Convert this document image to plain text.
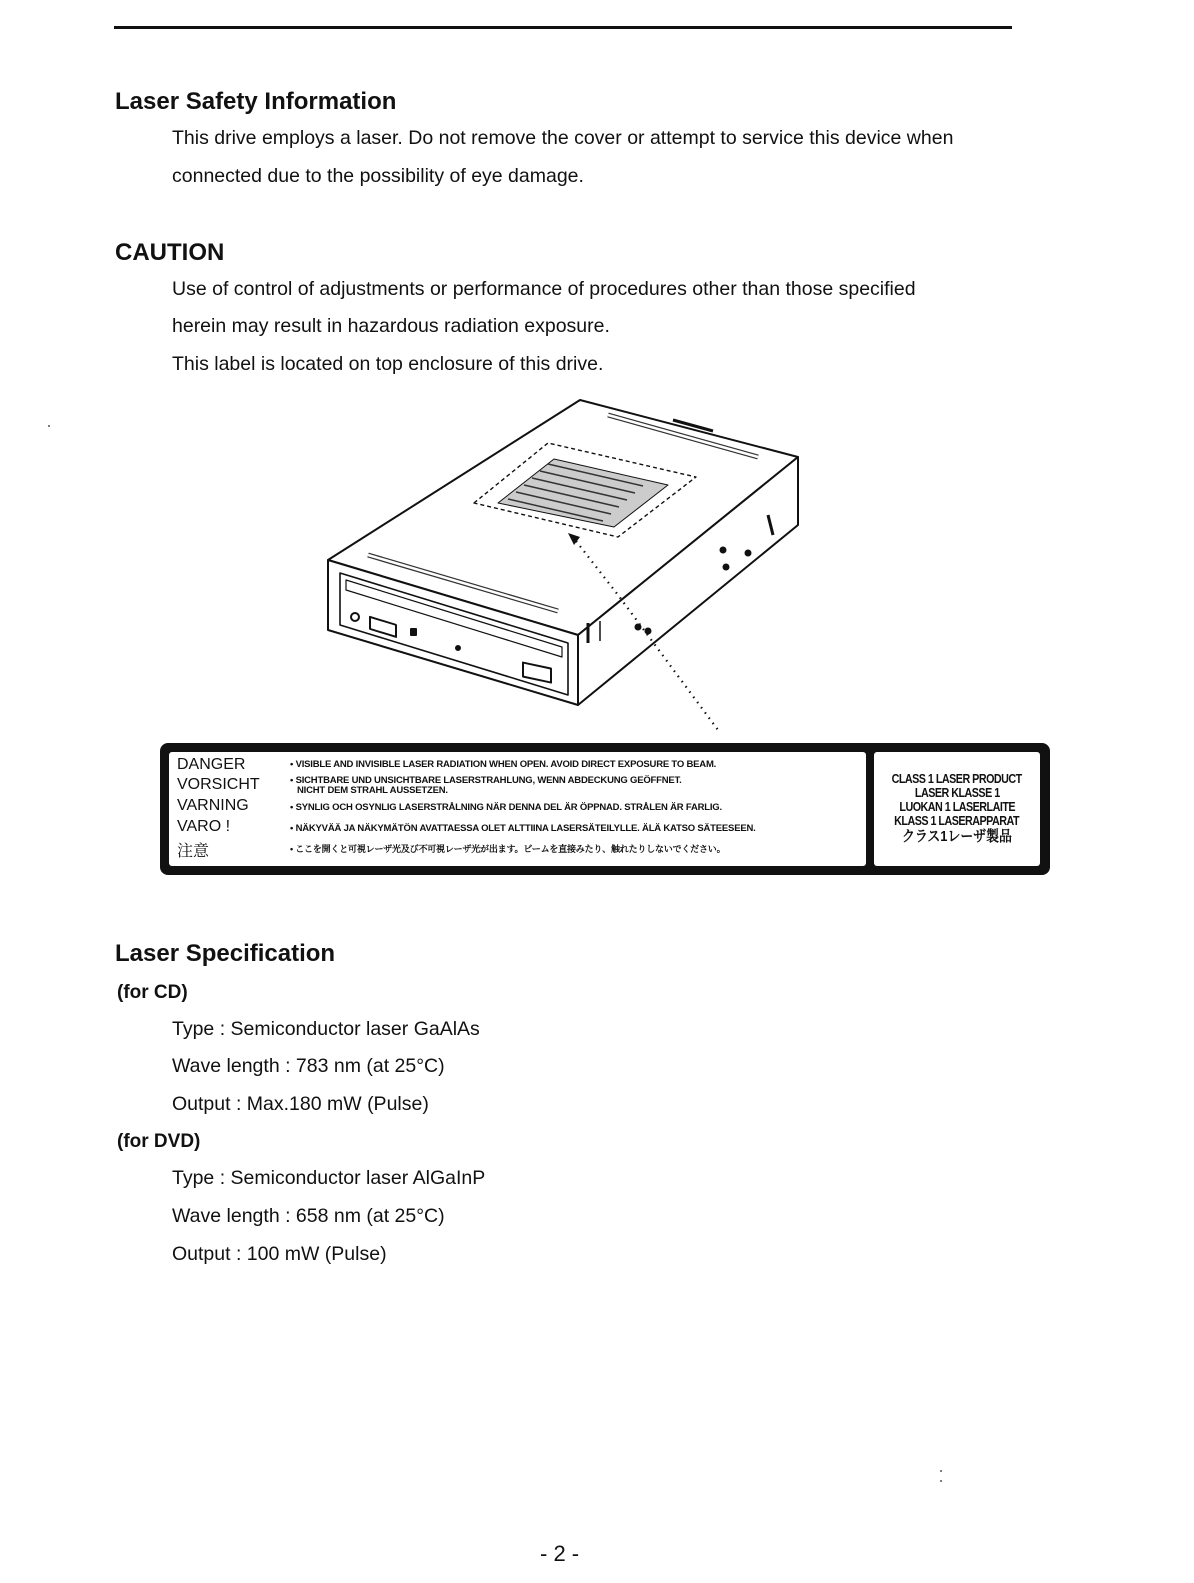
Laser Safety Information

This drive employs a laser. Do not remove the cover or attempt to service this device when

connected due to the possibility of eye damage.

CAUTION

Use of control of adjustments or performance of procedures other than those specified

herein may result in hazardous radiation exposure.

This label is located on top enclosure of this drive.

DANGER	• VISIBLE AND INVISIBLE LASER RADIATION WHEN OPEN. AVOID DIRECT EXPOSURE TO BEAM.
VORSICHT	• SICHTBARE UND UNSICHTBARE LASERSTRAHLUNG, WENN ABDECKUNG GEÖFFNET.
NICHT DEM STRAHL AUSSETZEN.
VARNING	• SYNLIG OCH OSYNLIG LASERSTRÅLNING NÄR DENNA DEL ÄR ÖPPNAD. STRÅLEN ÄR FARLIG.
VARO !	• NÄKYVÄÄ JA NÄKYMÄTÖN AVATTAESSA OLET ALTTIINA LASERSÄTEILYLLE. ÄLÄ KATSO SÄTEESEEN.
注意	• ここを開くと可視レーザ光及び不可視レーザ光が出ます。ビームを直接みたり、触れたりしないでください。
CLASS 1 LASER PRODUCT
LASER KLASSE 1
LUOKAN 1 LASERLAITE
KLASS 1 LASERAPPARAT
クラス1レーザ製品
Laser Specification
(for CD)

Type : Semiconductor laser GaAlAs

Wave length : 783 nm (at 25°C)

Output : Max.180 mW (Pulse)

(for DVD)

Type : Semiconductor laser AlGaInP

Wave length : 658 nm (at 25°C)

Output : 100 mW (Pulse)

- 2 -
